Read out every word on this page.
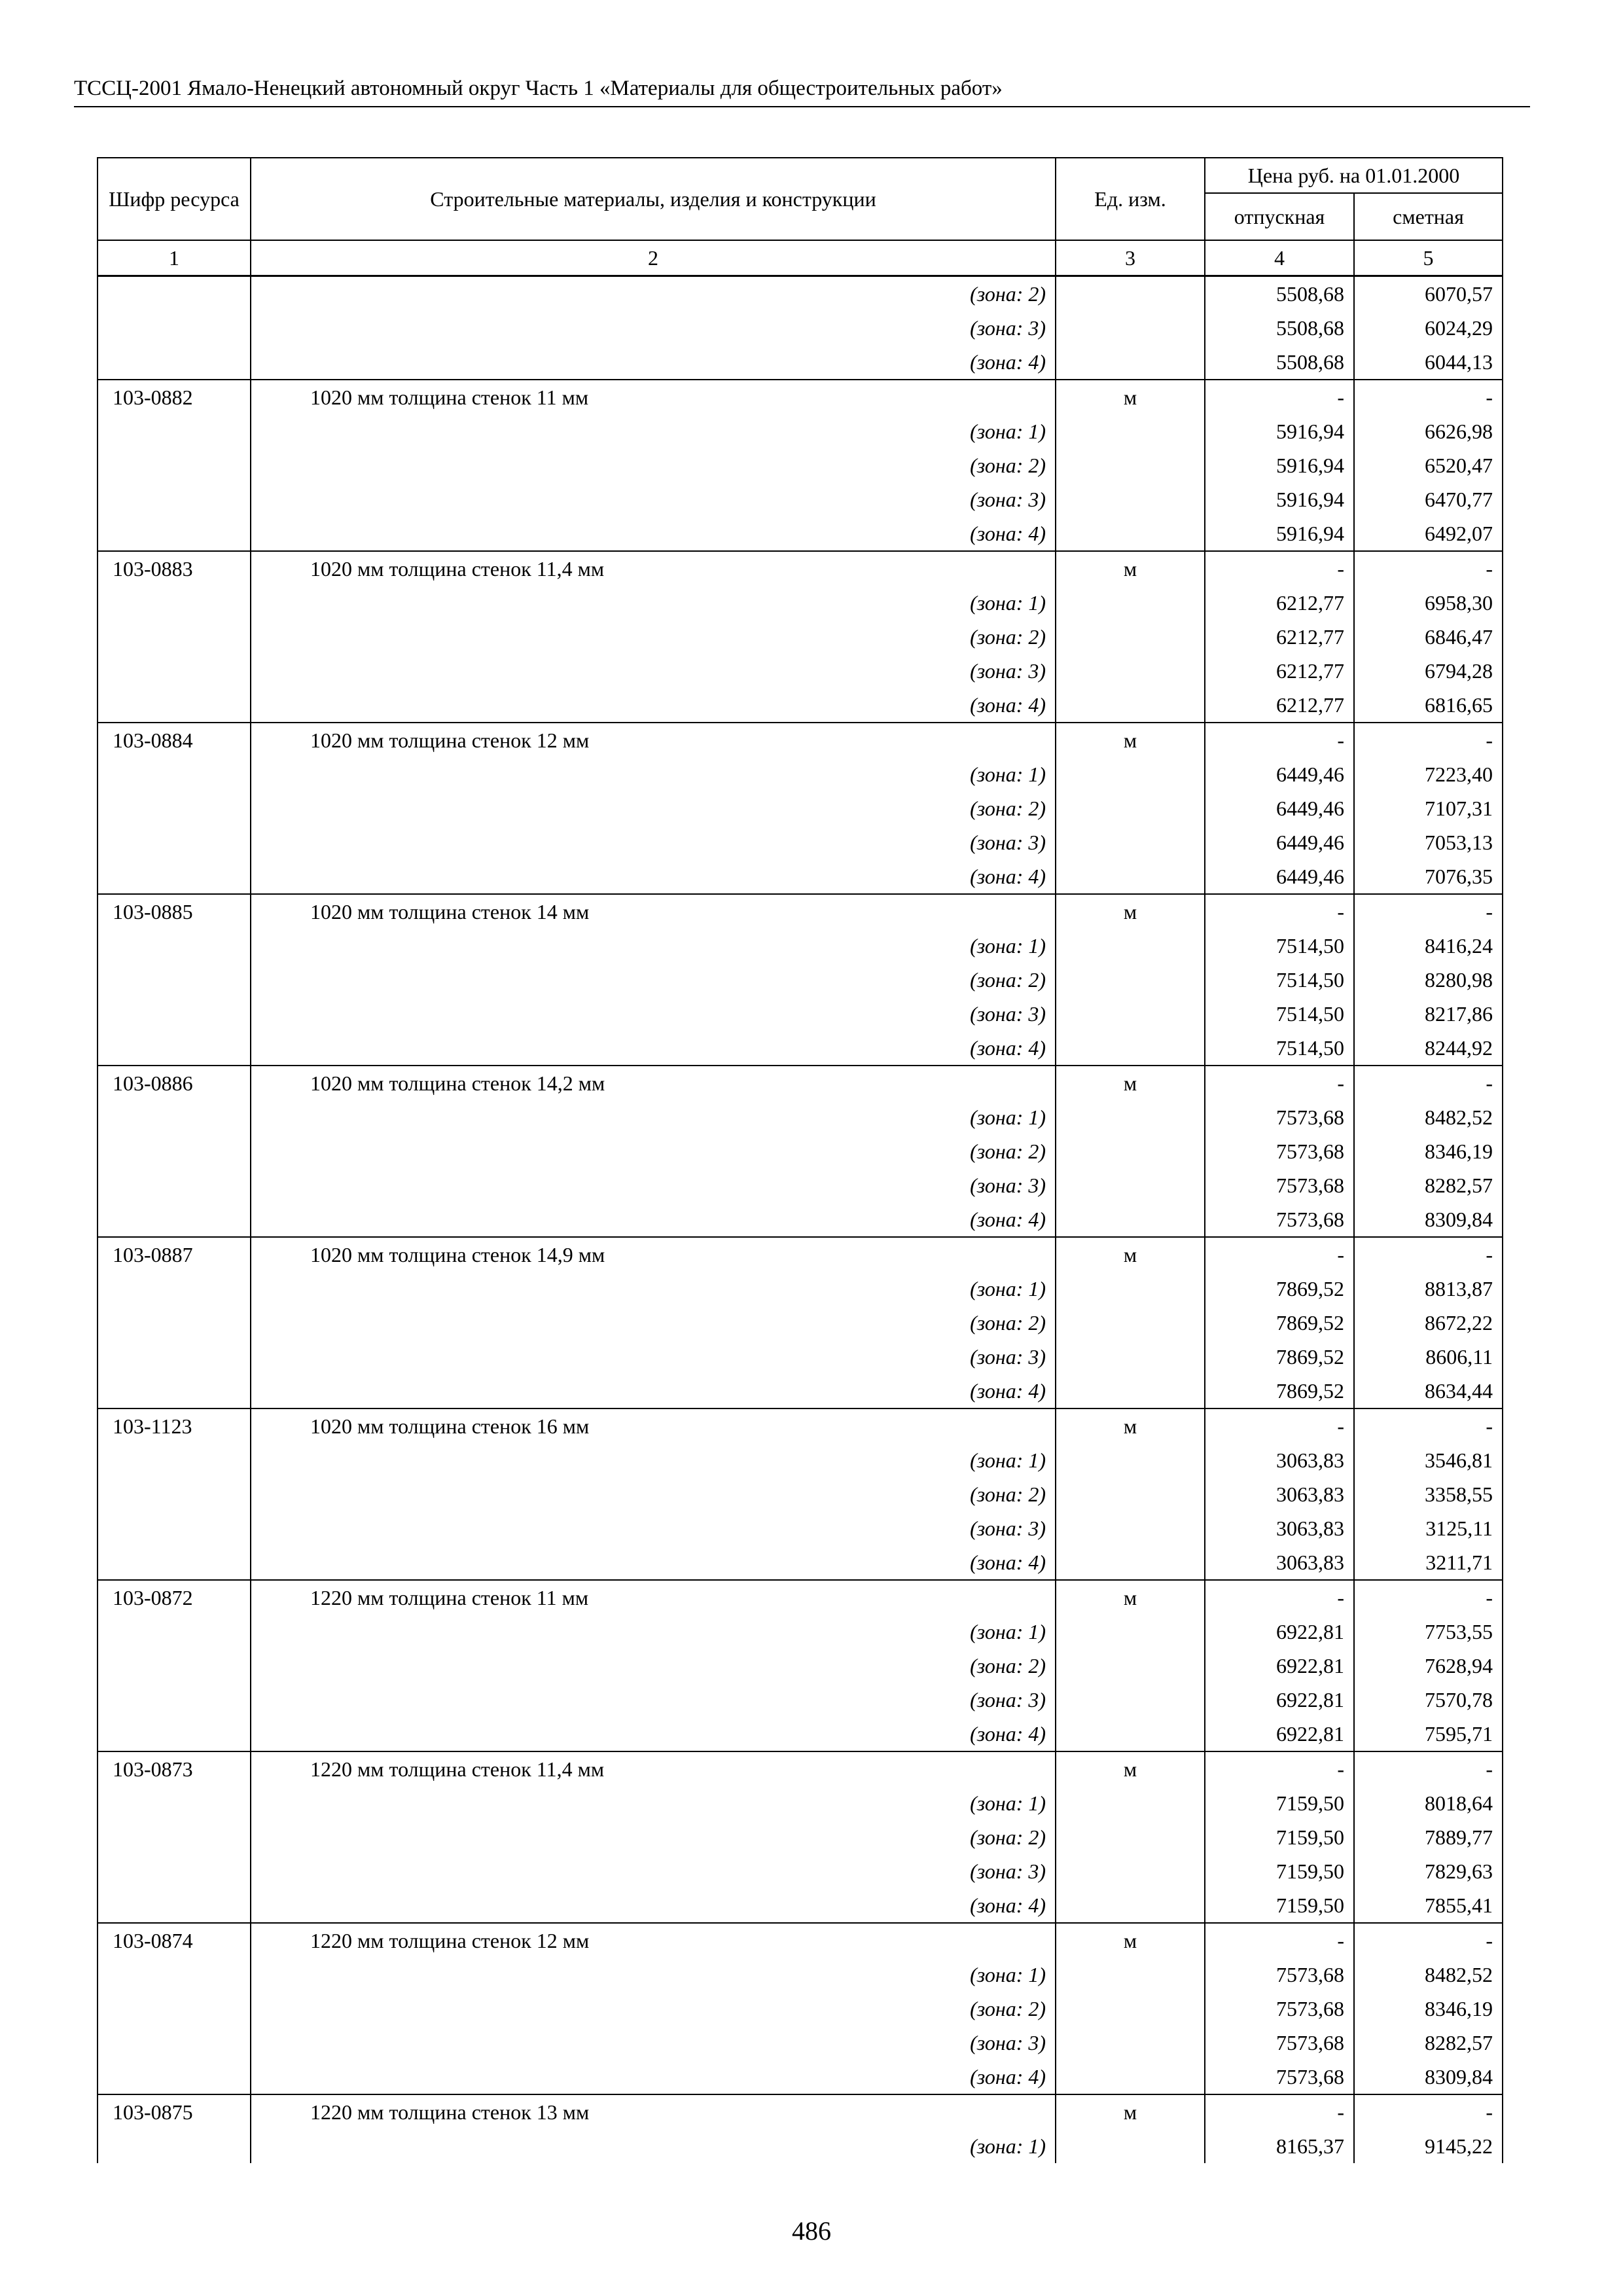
ТССЦ-2001 Ямало-Ненецкий автономный округ Часть 1 «Материалы для общестроительных работ»
Шифр ресурса	Строительные материалы, изделия и конструкции	Ед. изм.	Цена руб. на 01.01.2000	
			отпускная	сметная
1	2	3	4	5
	(зона: 2)		5508,68	6070,57
	(зона: 3)		5508,68	6024,29
	(зона: 4)		5508,68	6044,13
103-0882	1020 мм толщина стенок 11 мм	м	-	-
	(зона: 1)		5916,94	6626,98
	(зона: 2)		5916,94	6520,47
	(зона: 3)		5916,94	6470,77
	(зона: 4)		5916,94	6492,07
103-0883	1020 мм толщина стенок 11,4 мм	м	-	-
	(зона: 1)		6212,77	6958,30
	(зона: 2)		6212,77	6846,47
	(зона: 3)		6212,77	6794,28
	(зона: 4)		6212,77	6816,65
103-0884	1020 мм толщина стенок 12 мм	м	-	-
	(зона: 1)		6449,46	7223,40
	(зона: 2)		6449,46	7107,31
	(зона: 3)		6449,46	7053,13
	(зона: 4)		6449,46	7076,35
103-0885	1020 мм толщина стенок 14 мм	м	-	-
	(зона: 1)		7514,50	8416,24
	(зона: 2)		7514,50	8280,98
	(зона: 3)		7514,50	8217,86
	(зона: 4)		7514,50	8244,92
103-0886	1020 мм толщина стенок 14,2 мм	м	-	-
	(зона: 1)		7573,68	8482,52
	(зона: 2)		7573,68	8346,19
	(зона: 3)		7573,68	8282,57
	(зона: 4)		7573,68	8309,84
103-0887	1020 мм толщина стенок 14,9 мм	м	-	-
	(зона: 1)		7869,52	8813,87
	(зона: 2)		7869,52	8672,22
	(зона: 3)		7869,52	8606,11
	(зона: 4)		7869,52	8634,44
103-1123	1020 мм толщина стенок 16 мм	м	-	-
	(зона: 1)		3063,83	3546,81
	(зона: 2)		3063,83	3358,55
	(зона: 3)		3063,83	3125,11
	(зона: 4)		3063,83	3211,71
103-0872	1220 мм толщина стенок 11 мм	м	-	-
	(зона: 1)		6922,81	7753,55
	(зона: 2)		6922,81	7628,94
	(зона: 3)		6922,81	7570,78
	(зона: 4)		6922,81	7595,71
103-0873	1220 мм толщина стенок 11,4 мм	м	-	-
	(зона: 1)		7159,50	8018,64
	(зона: 2)		7159,50	7889,77
	(зона: 3)		7159,50	7829,63
	(зона: 4)		7159,50	7855,41
103-0874	1220 мм толщина стенок 12 мм	м	-	-
	(зона: 1)		7573,68	8482,52
	(зона: 2)		7573,68	8346,19
	(зона: 3)		7573,68	8282,57
	(зона: 4)		7573,68	8309,84
103-0875	1220 мм толщина стенок 13 мм	м	-	-
	(зона: 1)		8165,37	9145,22
486
